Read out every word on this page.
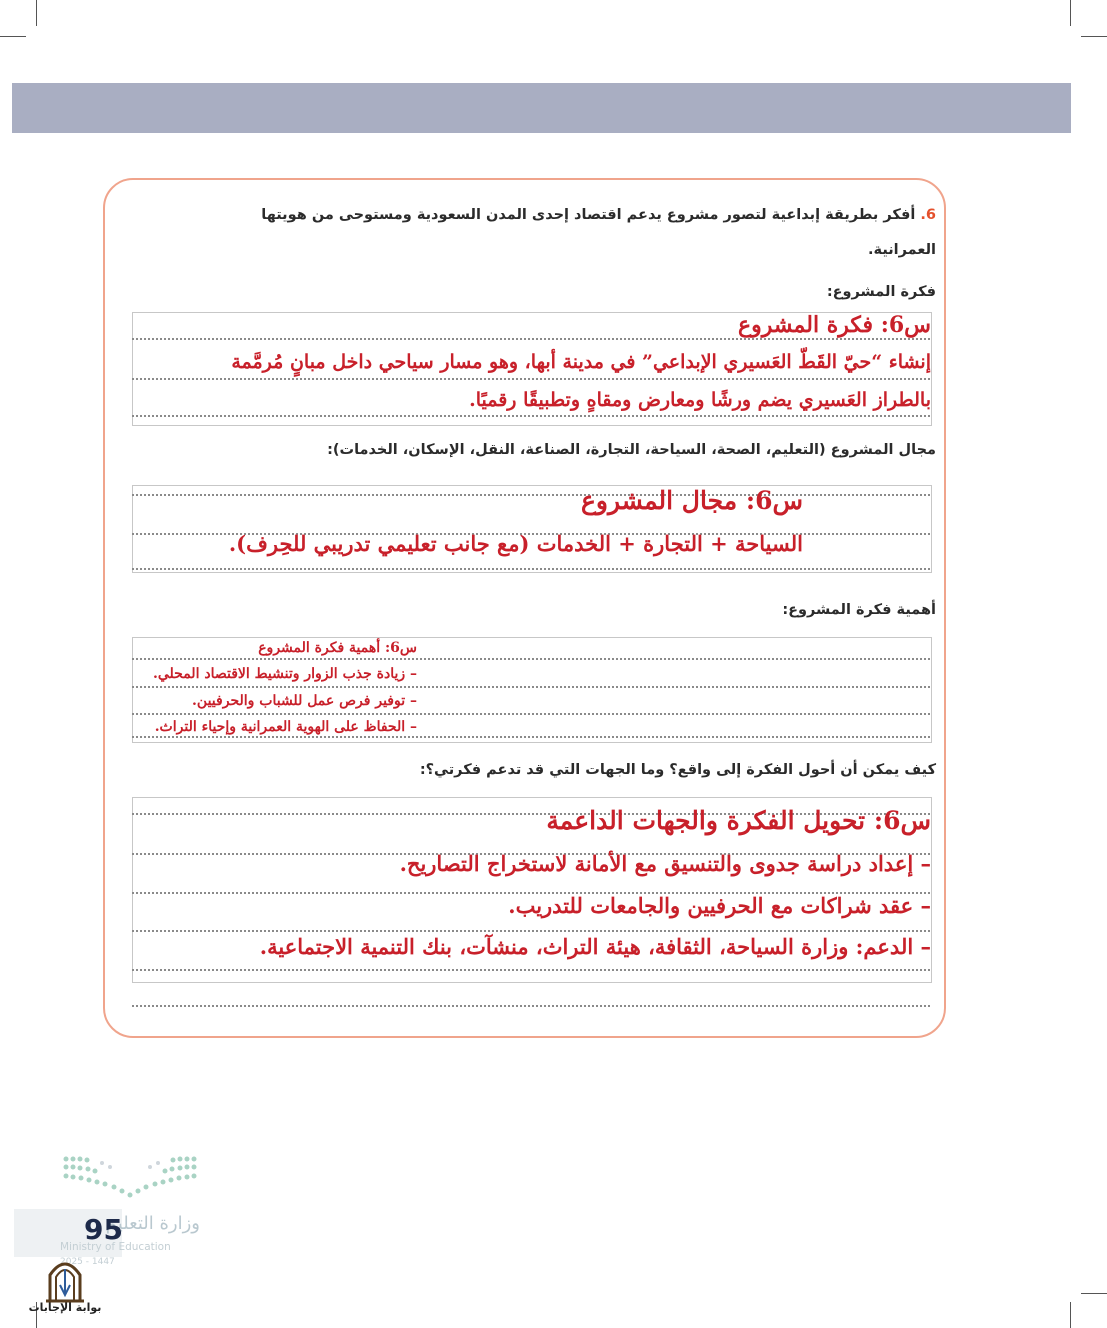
6. أفكر بطريقة إبداعية لتصور مشروع يدعم اقتصاد إحدى المدن السعودية ومستوحى من هويتها
العمرانية.
فكرة المشروع:
س6: فكرة المشروع
إنشاء “حيّ القَطّ العَسيري الإبداعي” في مدينة أبها، وهو مسار سياحي داخل مبانٍ مُرمَّمة
بالطراز العَسيري يضم ورشًا ومعارض ومقاهٍ وتطبيقًا رقميًا.
مجال المشروع (التعليم، الصحة، السياحة، التجارة، الصناعة، النقل، الإسكان، الخدمات):
س6: مجال المشروع
السياحة + التجارة + الخدمات (مع جانب تعليمي تدريبي للحِرف).
أهمية فكرة المشروع:
س6: أهمية فكرة المشروع
– زيادة جذب الزوار وتنشيط الاقتصاد المحلي.
– توفير فرص عمل للشباب والحرفيين.
– الحفاظ على الهوية العمرانية وإحياء التراث.
كيف يمكن أن أحول الفكرة إلى واقع؟ وما الجهات التي قد تدعم فكرتي؟:
س6: تحويل الفكرة والجهات الداعمة
– إعداد دراسة جدوى والتنسيق مع الأمانة لاستخراج التصاريح.
– عقد شراكات مع الحرفيين والجامعات للتدريب.
– الدعم: وزارة السياحة، الثقافة، هيئة التراث، منشآت، بنك التنمية الاجتماعية.
وزارة التعليم
Ministry of Education
2025 - 1447
95
بوابة الإجابات
